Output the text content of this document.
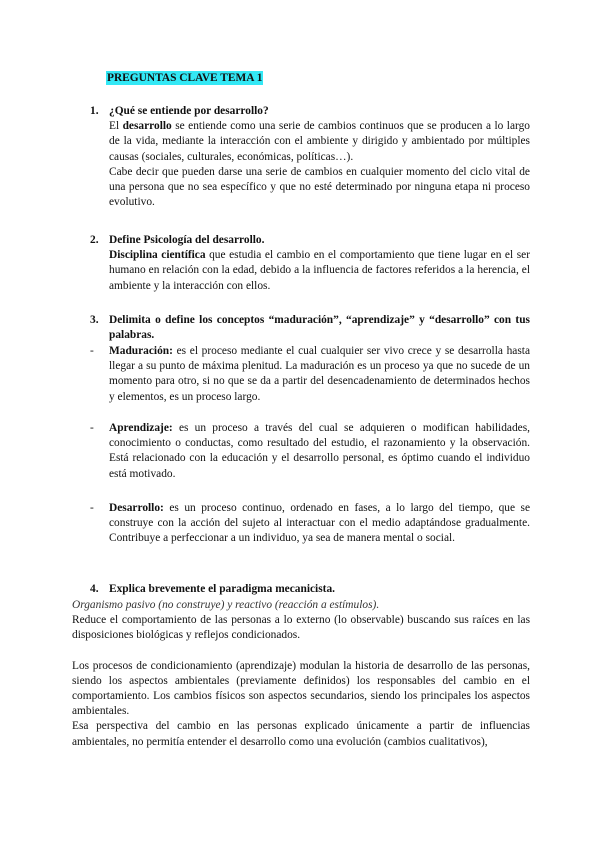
PREGUNTAS CLAVE TEMA 1
1. ¿Qué se entiende por desarrollo?

El desarrollo se entiende como una serie de cambios continuos que se producen a lo largo de la vida, mediante la interacción con el ambiente y dirigido y ambientado por múltiples causas (sociales, culturales, económicas, políticas…).

Cabe decir que pueden darse una serie de cambios en cualquier momento del ciclo vital de una persona que no sea específico y que no esté determinado por ninguna etapa ni proceso evolutivo.

2. Define Psicología del desarrollo.

Disciplina científica que estudia el cambio en el comportamiento que tiene lugar en el ser humano en relación con la edad, debido a la influencia de factores referidos a la herencia, el ambiente y la interacción con ellos.

3. Delimita o define los conceptos “maduración”, “aprendizaje” y “desarrollo” con tus palabras.
-	Maduración: es el proceso mediante el cual cualquier ser vivo crece y se desarrolla hasta llegar a su punto de máxima plenitud. La maduración es un proceso ya que no sucede de un momento para otro, si no que se da a partir del desencadenamiento de determinados hechos y elementos, es un proceso largo.
-	Aprendizaje: es un proceso a través del cual se adquieren o modifican habilidades, conocimiento o conductas, como resultado del estudio, el razonamiento y la observación. Está relacionado con la educación y el desarrollo personal, es óptimo cuando el individuo está motivado.
-	Desarrollo: es un proceso continuo, ordenado en fases, a lo largo del tiempo, que se construye con la acción del sujeto al interactuar con el medio adaptándose gradualmente. Contribuye a perfeccionar a un individuo, ya sea de manera mental o social.
4. Explica brevemente el paradigma mecanicista.

Organismo pasivo (no construye) y reactivo (reacción a estímulos).

Reduce el comportamiento de las personas a lo externo (lo observable) buscando sus raíces en las disposiciones biológicas y reflejos condicionados.

Los procesos de condicionamiento (aprendizaje) modulan la historia de desarrollo de las personas, siendo los aspectos ambientales (previamente definidos) los responsables del cambio en el comportamiento. Los cambios físicos son aspectos secundarios, siendo los principales los aspectos ambientales.

Esa perspectiva del cambio en las personas explicado únicamente a partir de influencias ambientales, no permitía entender el desarrollo como una evolución (cambios cualitativos),
